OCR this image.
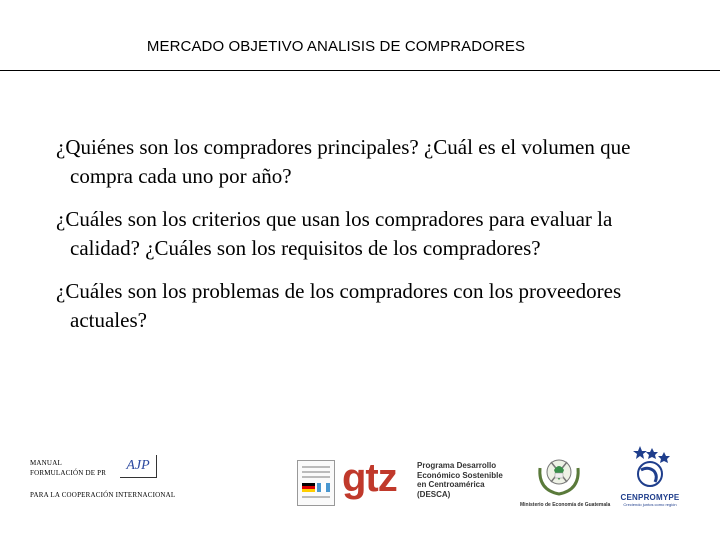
MERCADO OBJETIVO ANALISIS DE COMPRADORES

¿Quiénes son los compradores principales? ¿Cuál es el volumen que compra cada uno por año?

¿Cuáles son los criterios que usan los compradores para evaluar la calidad? ¿Cuáles son los requisitos de los compradores?

¿Cuáles son los problemas de los compradores con los proveedores actuales?

MANUAL
FORMULACIÓN DE PR
PARA LA COOPERACIÓN INTERNACIONAL
AJP	gtz	Programa Desarrollo
Económico Sostenible
en Centroamérica
(DESCA)
Ministerio de Economía de Guatemala
CENPROMYPE
Creciendo juntos como región
